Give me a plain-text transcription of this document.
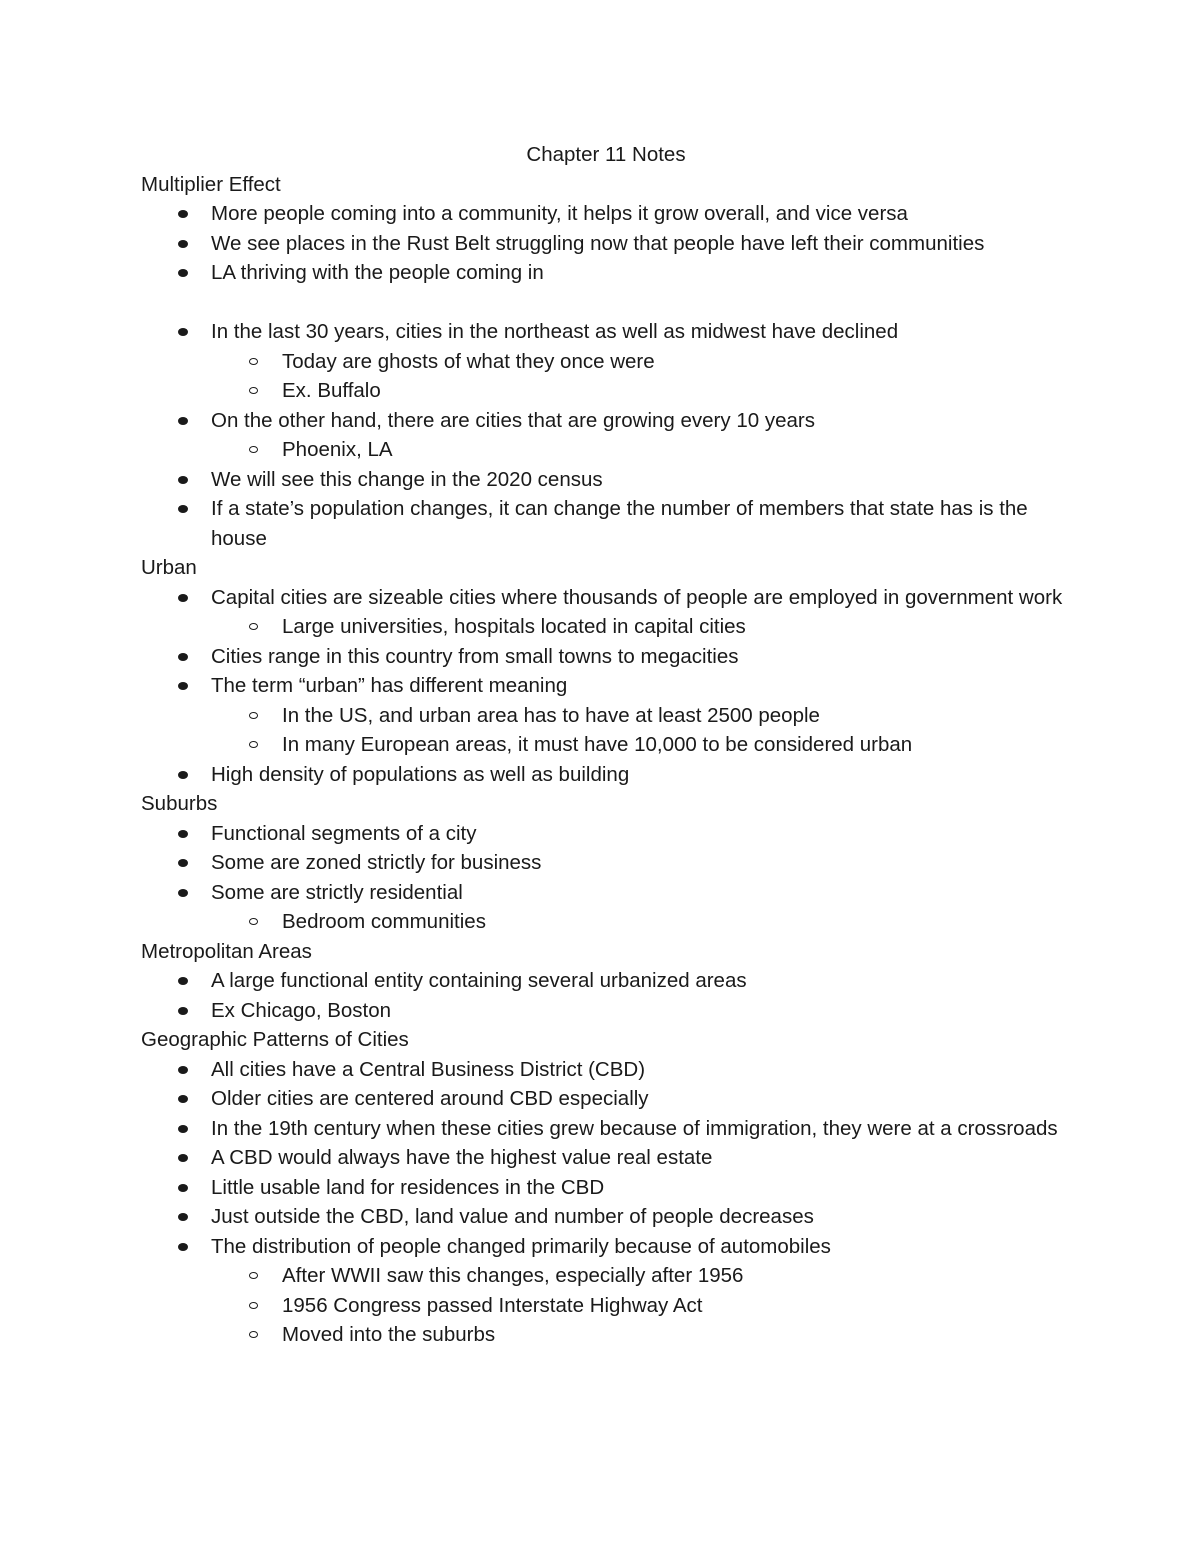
Chapter 11 Notes

Multiplier Effect

More people coming into a community, it helps it grow overall, and vice versa
We see places in the Rust Belt struggling now that people have left their communities
LA thriving with the people coming in
In the last 30 years, cities in the northeast as well as midwest have declined
Today are ghosts of what they once were
Ex. Buffalo
On the other hand, there are cities that are growing every 10 years
Phoenix, LA
We will see this change in the 2020 census
If a state’s population changes, it can change the number of members that state has is the house

Urban

Capital cities are sizeable cities where thousands of people are employed in government work
Large universities, hospitals located in capital cities
Cities range in this country from small towns to megacities
The term “urban” has different meaning
In the US, and urban area has to have at least 2500 people
In many European areas, it must have 10,000 to be considered urban
High density of populations as well as building

Suburbs

Functional segments of a city
Some are zoned strictly for business
Some are strictly residential
Bedroom communities

Metropolitan Areas

A large functional entity containing several urbanized areas
Ex Chicago, Boston

Geographic Patterns of Cities

All cities have a Central Business District (CBD)
Older cities are centered around CBD especially
In the 19th century when these cities grew because of immigration, they were at a crossroads
A CBD would always have the highest value real estate
Little usable land for residences in the CBD
Just outside the CBD, land value and number of people decreases
The distribution of people changed primarily because of automobiles
After WWII saw this changes, especially after 1956
1956 Congress passed Interstate Highway Act
Moved into the suburbs
